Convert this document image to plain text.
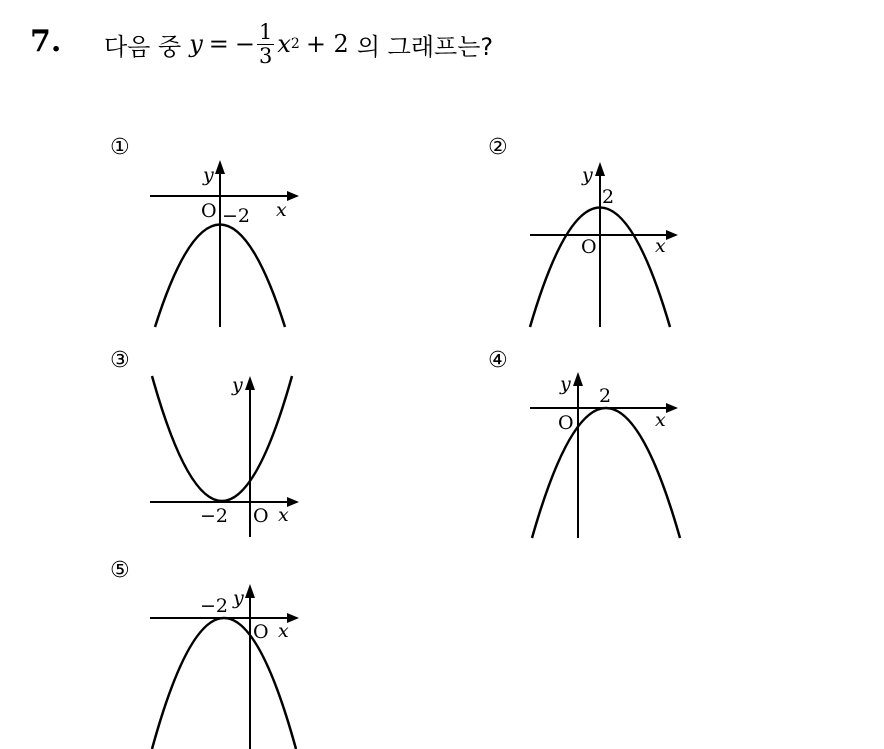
7. 다음 중 y = − $\frac{1}{3}$ x 2 + 2 의 그래프는?
①
y
x
O −2
②
y
x
O
2
③
y
x
O
−2
④
y
x
O
2
⑤
y
x
O
−2
